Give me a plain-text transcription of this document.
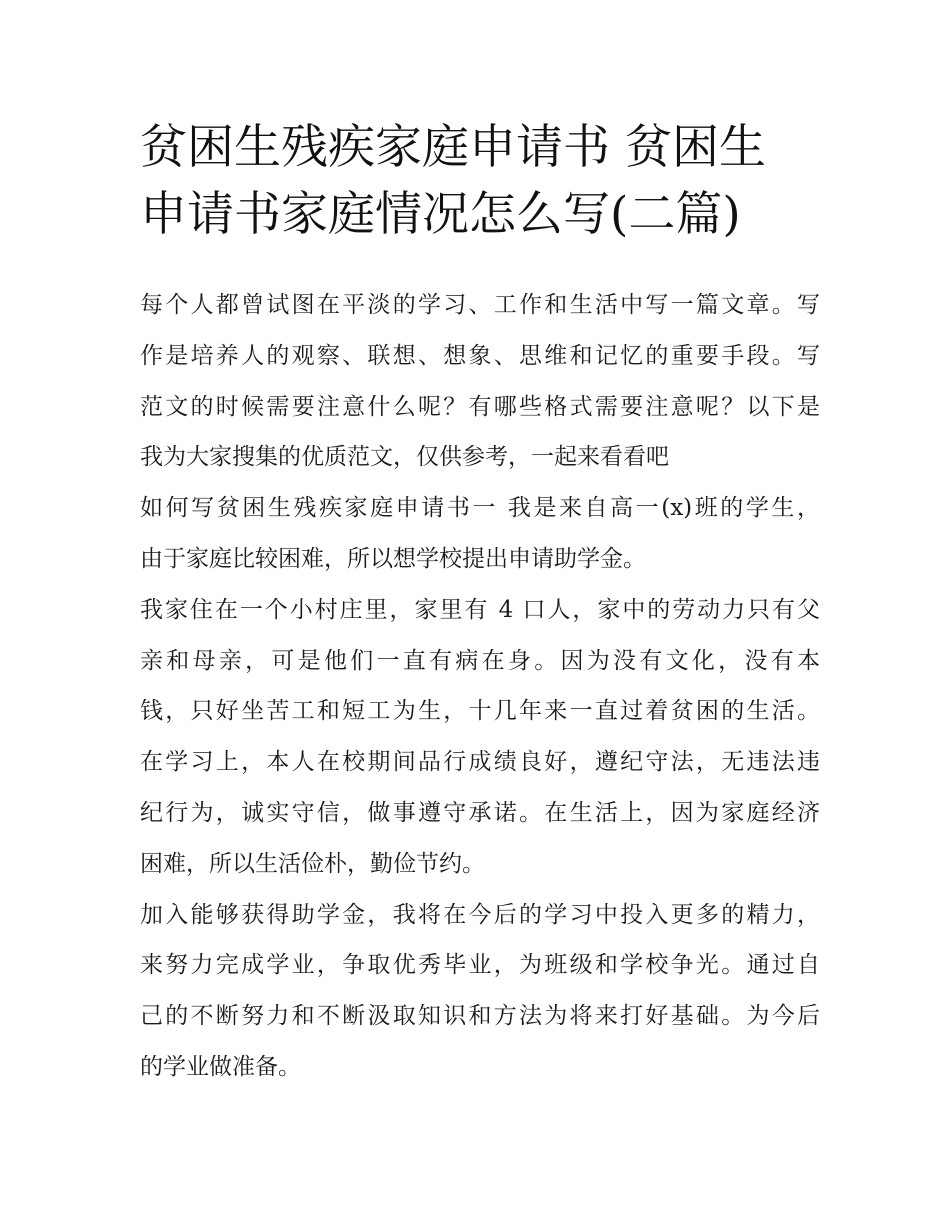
贫困生残疾家庭申请书 贫困生
申请书家庭情况怎么写(二篇)
每个人都曾试图在平淡的学习、工作和生活中写一篇文章。写
作是培养人的观察、联想、想象、思维和记忆的重要手段。写
范文的时候需要注意什么呢？有哪些格式需要注意呢？以下是
我为大家搜集的优质范文，仅供参考，一起来看看吧
如何写贫困生残疾家庭申请书一 我是来自高一(x)班的学生，
由于家庭比较困难，所以想学校提出申请助学金。
我家住在一个小村庄里，家里有 4 口人，家中的劳动力只有父
亲和母亲，可是他们一直有病在身。因为没有文化，没有本
钱，只好坐苦工和短工为生，十几年来一直过着贫困的生活。
在学习上，本人在校期间品行成绩良好，遵纪守法，无违法违
纪行为，诚实守信，做事遵守承诺。在生活上，因为家庭经济
困难，所以生活俭朴，勤俭节约。
加入能够获得助学金，我将在今后的学习中投入更多的精力，
来努力完成学业，争取优秀毕业，为班级和学校争光。通过自
己的不断努力和不断汲取知识和方法为将来打好基础。为今后
的学业做准备。
